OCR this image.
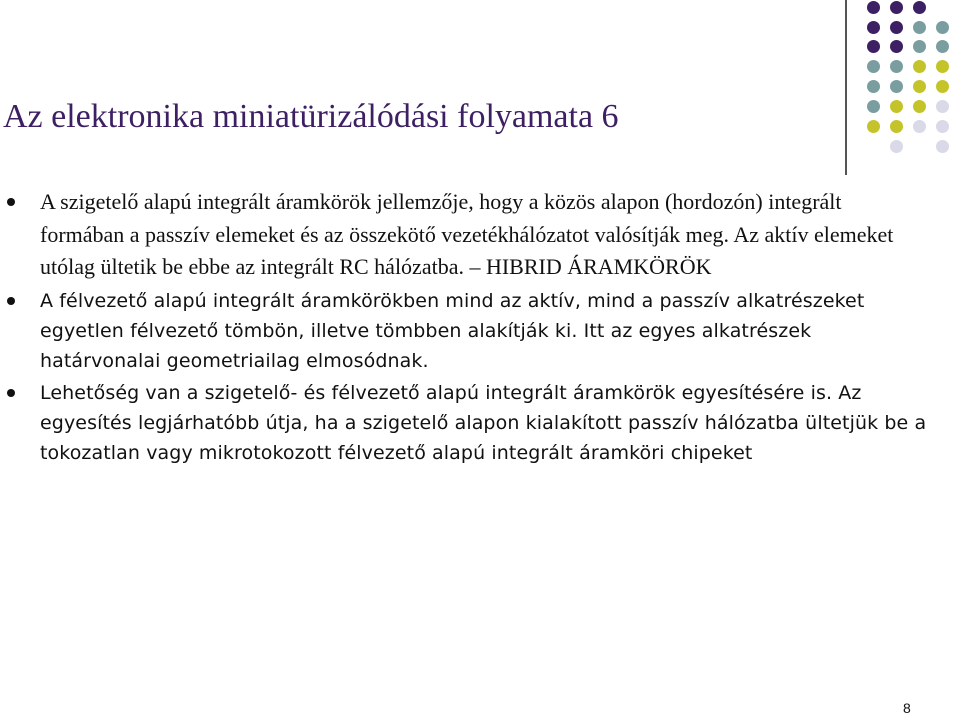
Az elektronika miniatürizálódási folyamata 6
A szigetelő alapú integrált áramkörök jellemzője, hogy a közös alapon (hordozón) integrált formában a passzív elemeket és az összekötő vezetékhálózatot valósítják meg. Az aktív elemeket utólag ültetik be ebbe az integrált RC hálózatba. – HIBRID ÁRAMKÖRÖK
A félvezető alapú integrált áramkörökben mind az aktív, mind a passzív alkatrészeket egyetlen félvezető tömbön, illetve tömbben alakítják ki. Itt az egyes alkatrészek határvonalai geometriailag elmosódnak.
Lehetőség van a szigetelő- és félvezető alapú integrált áramkörök egyesítésére is. Az egyesítés legjárhatóbb útja, ha a szigetelő alapon kialakított passzív hálózatba ültetjük be a tokozatlan vagy mikrotokozott félvezető alapú integrált áramköri chipeket
8
